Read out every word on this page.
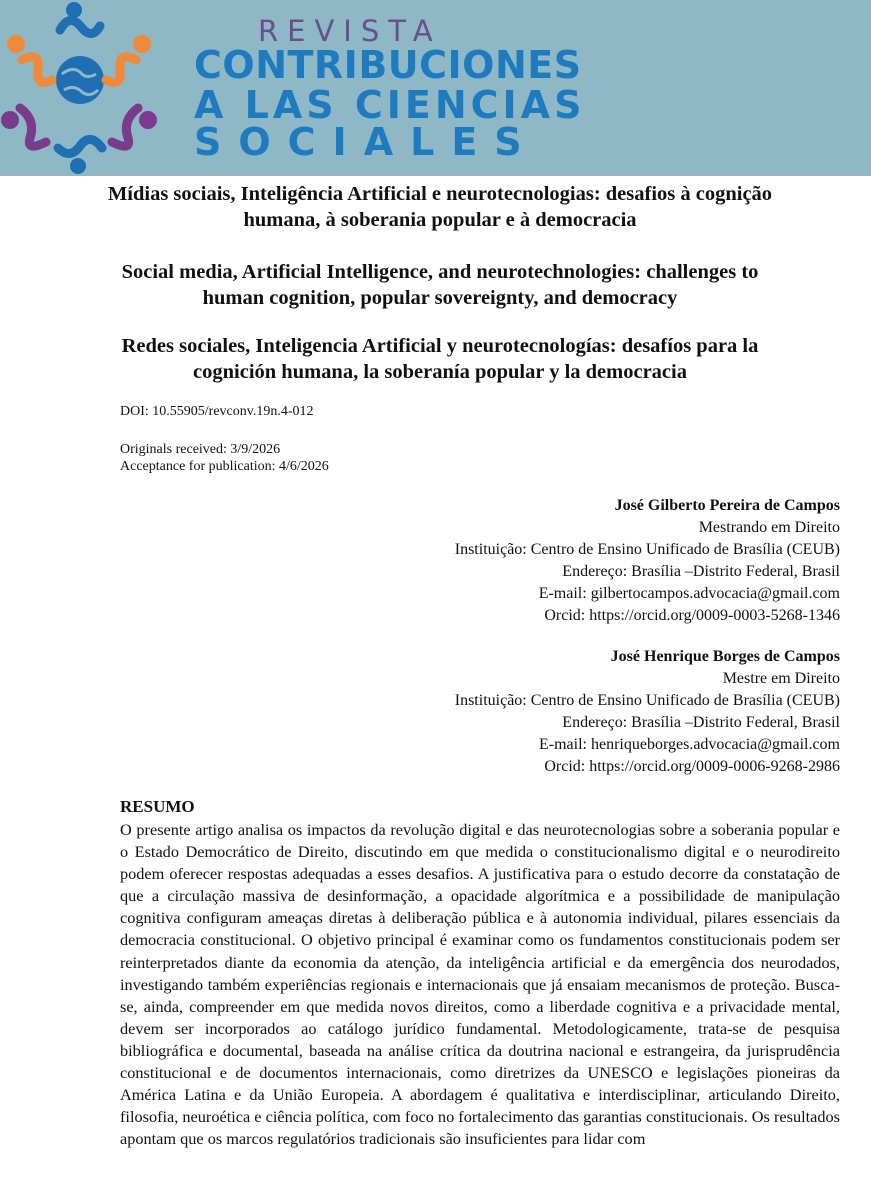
REVISTA
CONTRIBUCIONES
A LAS CIENCIAS
SOCIALES
Mídias sociais, Inteligência Artificial e neurotecnologias: desafios à cognição humana, à soberania popular e à democracia
Social media, Artificial Intelligence, and neurotechnologies: challenges to human cognition, popular sovereignty, and democracy
Redes sociales, Inteligencia Artificial y neurotecnologías: desafíos para la cognición humana, la soberanía popular y la democracia
DOI: 10.55905/revconv.19n.4-012
Originals received: 3/9/2026
Acceptance for publication: 4/6/2026
José Gilberto Pereira de Campos
Mestrando em Direito
Instituição: Centro de Ensino Unificado de Brasília (CEUB)
Endereço: Brasília –Distrito Federal, Brasil
E-mail: gilbertocampos.advocacia@gmail.com
Orcid: https://orcid.org/0009-0003-5268-1346
José Henrique Borges de Campos
Mestre em Direito
Instituição: Centro de Ensino Unificado de Brasília (CEUB)
Endereço: Brasília –Distrito Federal, Brasil
E-mail: henriqueborges.advocacia@gmail.com
Orcid: https://orcid.org/0009-0006-9268-2986
RESUMO
O presente artigo analisa os impactos da revolução digital e das neurotecnologias sobre a soberania popular e o Estado Democrático de Direito, discutindo em que medida o constitucionalismo digital e o neurodireito podem oferecer respostas adequadas a esses desafios. A justificativa para o estudo decorre da constatação de que a circulação massiva de desinformação, a opacidade algorítmica e a possibilidade de manipulação cognitiva configuram ameaças diretas à deliberação pública e à autonomia individual, pilares essenciais da democracia constitucional. O objetivo principal é examinar como os fundamentos constitucionais podem ser reinterpretados diante da economia da atenção, da inteligência artificial e da emergência dos neurodados, investigando também experiências regionais e internacionais que já ensaiam mecanismos de proteção. Busca-se, ainda, compreender em que medida novos direitos, como a liberdade cognitiva e a privacidade mental, devem ser incorporados ao catálogo jurídico fundamental. Metodologicamente, trata-se de pesquisa bibliográfica e documental, baseada na análise crítica da doutrina nacional e estrangeira, da jurisprudência constitucional e de documentos internacionais, como diretrizes da UNESCO e legislações pioneiras da América Latina e da União Europeia. A abordagem é qualitativa e interdisciplinar, articulando Direito, filosofia, neuroética e ciência política, com foco no fortalecimento das garantias constitucionais. Os resultados apontam que os marcos regulatórios tradicionais são insuficientes para lidar com
